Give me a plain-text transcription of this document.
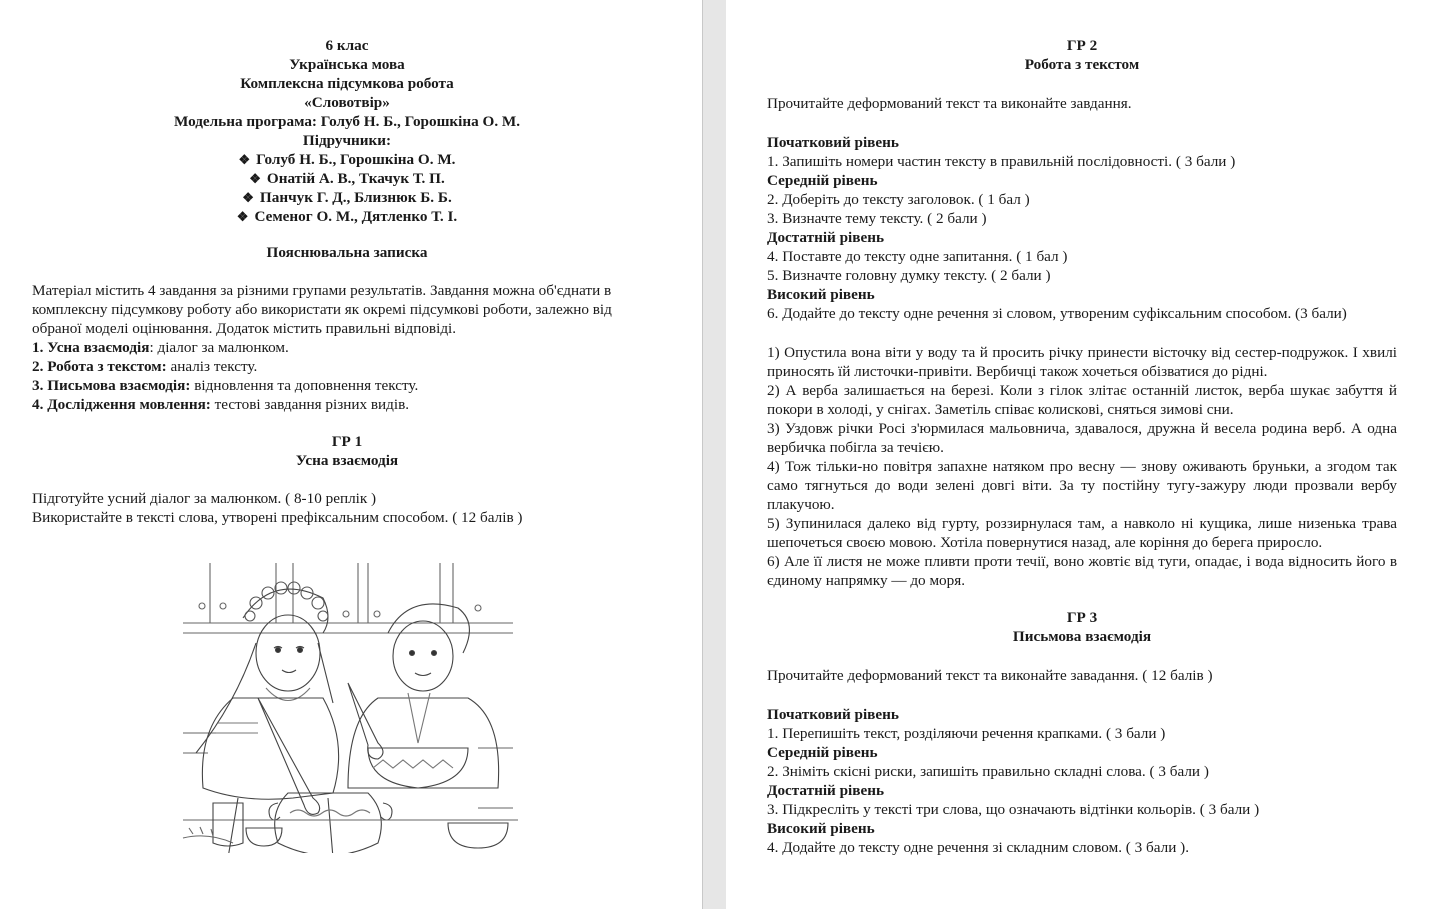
6 клас
Українська мова
Комплексна підсумкова робота
«Словотвір»
Модельна програма: Голуб Н. Б., Горошкіна О. М.
Підручники:
❖ Голуб Н. Б., Горошкіна О. М.
❖ Онатій А. В., Ткачук Т. П.
❖ Панчук Г. Д., Близнюк Б. Б.
❖ Семеног О. М., Дятленко Т. І.
Пояснювальна записка

Матеріал містить 4 завдання за різними групами результатів. Завдання можна об'єднати в комплексну підсумкову роботу або використати як окремі підсумкові роботи, залежно від обраної моделі оцінювання. Додаток містить правильні відповіді.

1. Усна взаємодія: діалог за малюнком.
2. Робота з текстом: аналіз тексту.
3. Письмова взаємодія: відновлення та доповнення тексту.
4. Дослідження мовлення: тестові завдання різних видів.
ГР 1
Усна взаємодія
Підготуйте усний діалог за малюнком. ( 8-10 реплік )
Використайте в тексті слова, утворені префіксальним способом. ( 12 балів )
ГР 2
Робота з текстом
Прочитайте деформований текст та виконайте завдання.
Початковий рівень
1. Запишіть номери частин тексту в правильній послідовності. ( 3 бали )
Середній рівень
2. Доберіть до тексту заголовок. ( 1 бал )
3. Визначте тему тексту. ( 2 бали )
Достатній рівень
4. Поставте до тексту одне запитання. ( 1 бал )
5. Визначте головну думку тексту. ( 2 бали )
Високий рівень
6. Додайте до тексту одне речення зі словом, утвореним суфіксальним способом. (3 бали)

1) Опустила вона віти у воду та й просить річку принести вісточку від сестер-подружок. І хвилі приносять їй листочки-привіти. Вербичці також хочеться обізватися до рідні.

2) А верба залишається на березі. Коли з гілок злітає останній листок, верба шукає забуття й покори в холоді, у снігах. Заметіль співає колискові, сняться зимові сни.

3) Уздовж річки Росі з'юрмилася мальовнича, здавалося, дружна й весела родина верб. А одна вербичка побігла за течією.

4) Тож тільки-но повітря запахне натяком про весну — знову оживають бруньки, а згодом так само тягнуться до води зелені довгі віти. За ту постійну тугу-зажуру люди прозвали вербу плакучою.

5) Зупинилася далеко від гурту, роззирнулася там, а навколо ні кущика, лише низенька трава шепочеться своєю мовою. Хотіла повернутися назад, але коріння до берега приросло.

6) Але її листя не може пливти проти течії, воно жовтіє від туги, опадає, і вода відносить його в єдиному напрямку — до моря.

ГР 3
Письмова взаємодія
Прочитайте деформований текст та виконайте завадання. ( 12 балів )
Початковий рівень
1. Перепишіть текст, розділяючи речення крапками. ( 3 бали )
Середній рівень
2. Зніміть скісні риски, запишіть правильно складні слова. ( 3 бали )
Достатній рівень
3. Підкресліть у тексті три слова, що означають відтінки кольорів. ( 3 бали )
Високий рівень
4. Додайте до тексту одне речення зі складним словом. ( 3 бали ).
